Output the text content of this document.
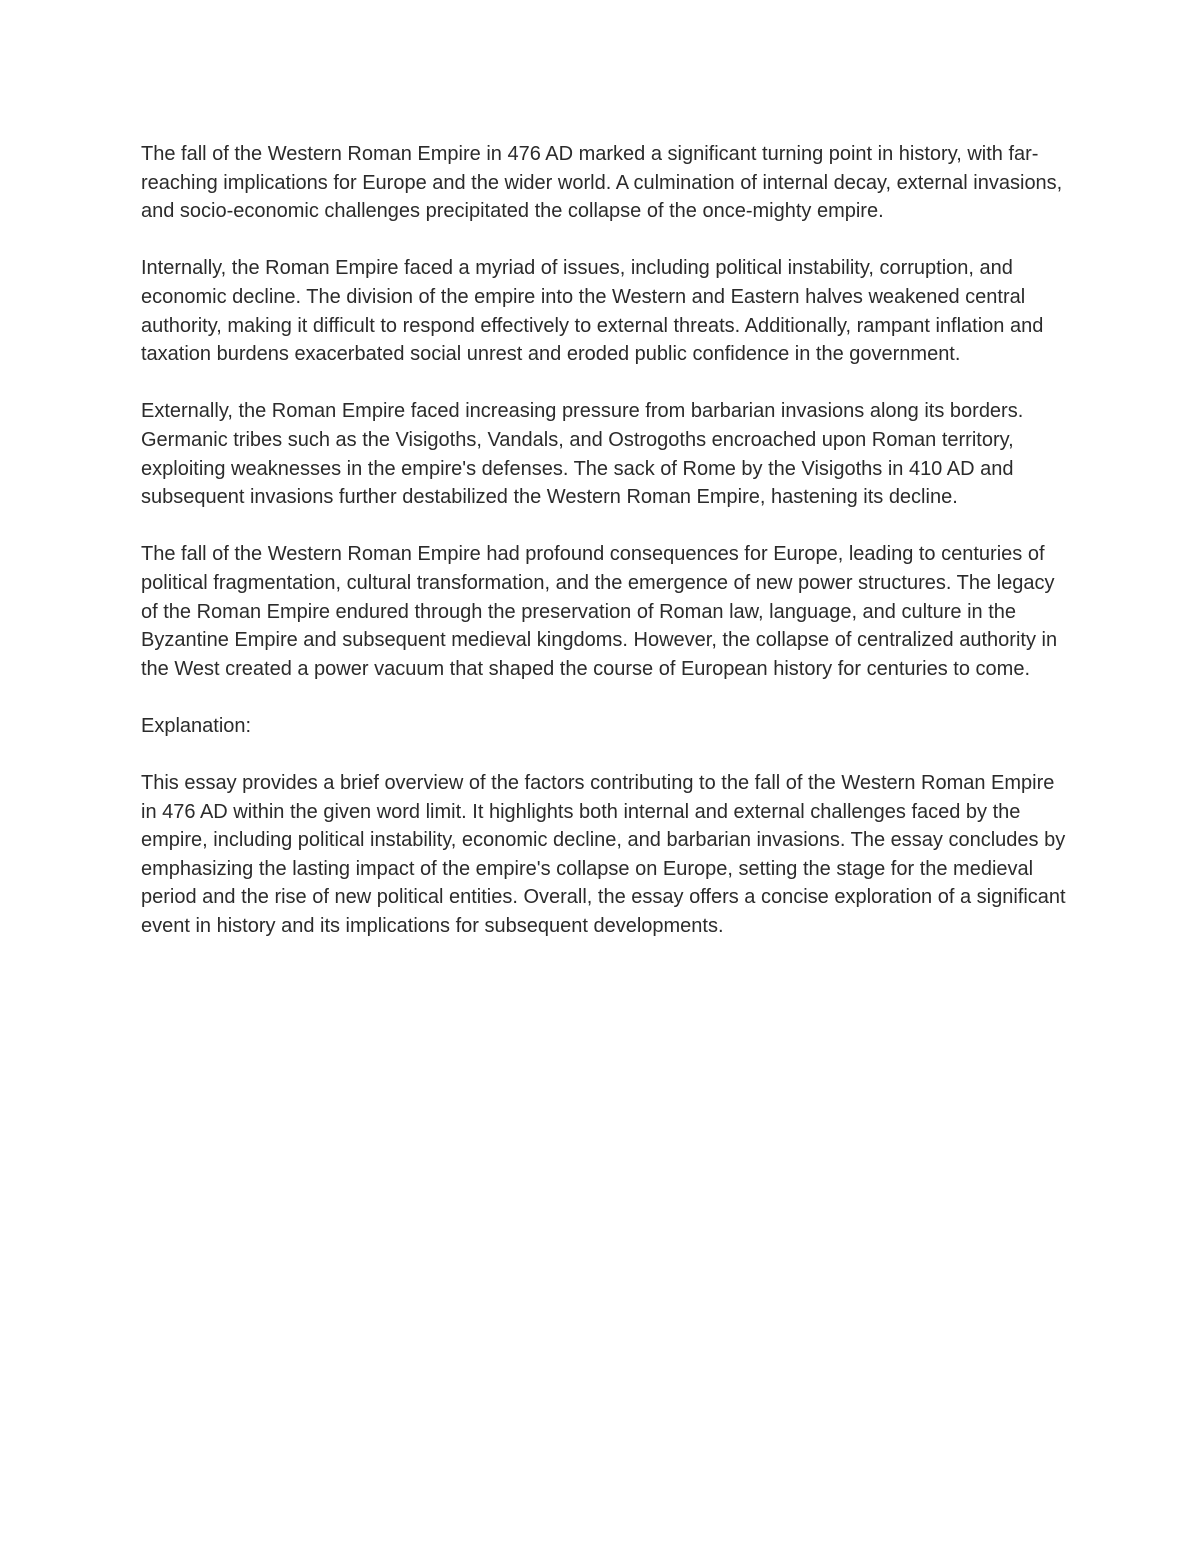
The fall of the Western Roman Empire in 476 AD marked a significant turning point in history, with far-reaching implications for Europe and the wider world. A culmination of internal decay, external invasions, and socio-economic challenges precipitated the collapse of the once-mighty empire.

Internally, the Roman Empire faced a myriad of issues, including political instability, corruption, and economic decline. The division of the empire into the Western and Eastern halves weakened central authority, making it difficult to respond effectively to external threats. Additionally, rampant inflation and taxation burdens exacerbated social unrest and eroded public confidence in the government.

Externally, the Roman Empire faced increasing pressure from barbarian invasions along its borders. Germanic tribes such as the Visigoths, Vandals, and Ostrogoths encroached upon Roman territory, exploiting weaknesses in the empire's defenses. The sack of Rome by the Visigoths in 410 AD and subsequent invasions further destabilized the Western Roman Empire, hastening its decline.

The fall of the Western Roman Empire had profound consequences for Europe, leading to centuries of political fragmentation, cultural transformation, and the emergence of new power structures. The legacy of the Roman Empire endured through the preservation of Roman law, language, and culture in the Byzantine Empire and subsequent medieval kingdoms. However, the collapse of centralized authority in the West created a power vacuum that shaped the course of European history for centuries to come.

Explanation:

This essay provides a brief overview of the factors contributing to the fall of the Western Roman Empire in 476 AD within the given word limit. It highlights both internal and external challenges faced by the empire, including political instability, economic decline, and barbarian invasions. The essay concludes by emphasizing the lasting impact of the empire's collapse on Europe, setting the stage for the medieval period and the rise of new political entities. Overall, the essay offers a concise exploration of a significant event in history and its implications for subsequent developments.
